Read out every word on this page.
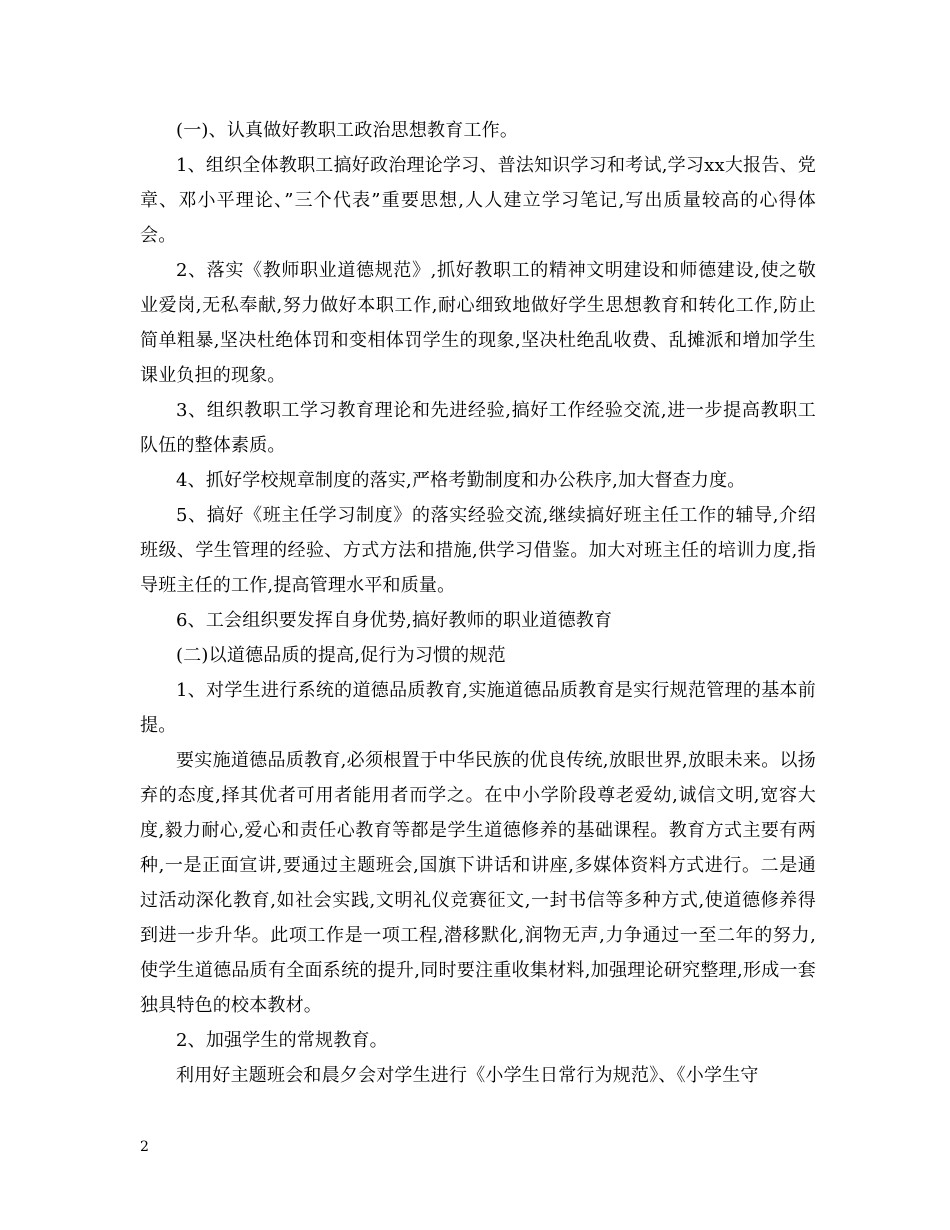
(一)、认真做好教职工政治思想教育工作。

1、组织全体教职工搞好政治理论学习、普法知识学习和考试,学习xx大报告、党章、邓小平理论、”三个代表”重要思想,人人建立学习笔记,写出质量较高的心得体会。

2、落实《教师职业道德规范》,抓好教职工的精神文明建设和师德建设,使之敬业爱岗,无私奉献,努力做好本职工作,耐心细致地做好学生思想教育和转化工作,防止简单粗暴,坚决杜绝体罚和变相体罚学生的现象,坚决杜绝乱收费、乱摊派和增加学生课业负担的现象。

3、组织教职工学习教育理论和先进经验,搞好工作经验交流,进一步提高教职工队伍的整体素质。

4、抓好学校规章制度的落实,严格考勤制度和办公秩序,加大督查力度。

5、搞好《班主任学习制度》的落实经验交流,继续搞好班主任工作的辅导,介绍班级、学生管理的经验、方式方法和措施,供学习借鉴。加大对班主任的培训力度,指导班主任的工作,提高管理水平和质量。

6、工会组织要发挥自身优势,搞好教师的职业道德教育

(二)以道德品质的提高,促行为习惯的规范

1、对学生进行系统的道德品质教育,实施道德品质教育是实行规范管理的基本前提。

要实施道德品质教育,必须根置于中华民族的优良传统,放眼世界,放眼未来。以扬弃的态度,择其优者可用者能用者而学之。在中小学阶段尊老爱幼,诚信文明,宽容大度,毅力耐心,爱心和责任心教育等都是学生道德修养的基础课程。教育方式主要有两种,一是正面宣讲,要通过主题班会,国旗下讲话和讲座,多媒体资料方式进行。二是通过活动深化教育,如社会实践,文明礼仪竞赛征文,一封书信等多种方式,使道德修养得到进一步升华。此项工作是一项工程,潜移默化,润物无声,力争通过一至二年的努力,使学生道德品质有全面系统的提升,同时要注重收集材料,加强理论研究整理,形成一套独具特色的校本教材。

2、加强学生的常规教育。

利用好主题班会和晨夕会对学生进行《小学生日常行为规范》、《小学生守

2
